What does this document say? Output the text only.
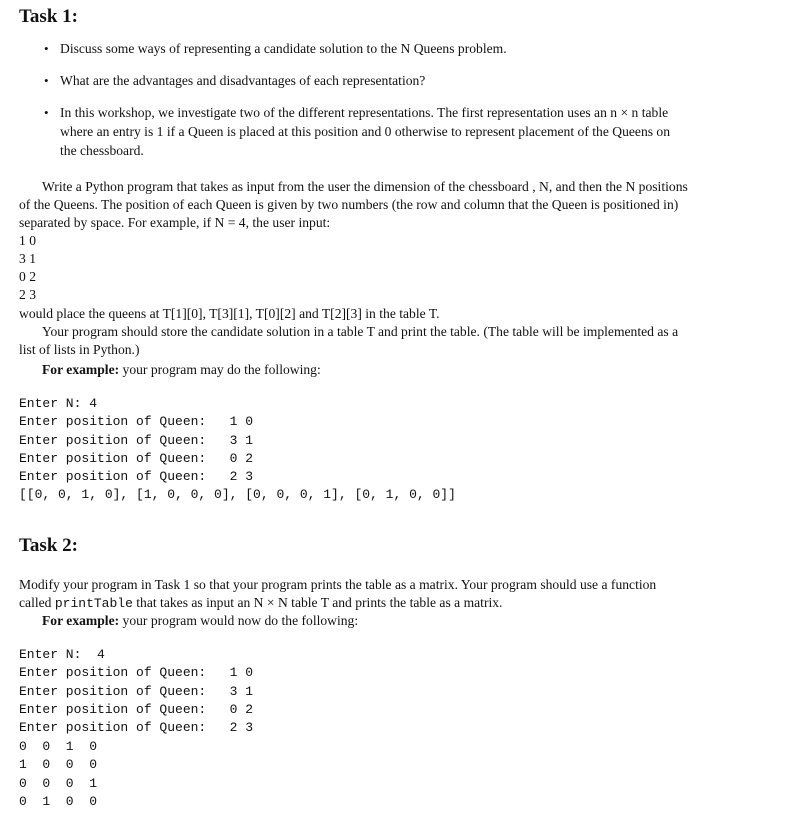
Task 1:
• Discuss some ways of representing a candidate solution to the N Queens problem.
• What are the advantages and disadvantages of each representation?
• In this workshop, we investigate two of the different representations. The first representation uses an n × n table
where an entry is 1 if a Queen is placed at this position and 0 otherwise to represent placement of the Queens on
the chessboard.
Write a Python program that takes as input from the user the dimension of the chessboard , N, and then the N positions
of the Queens. The position of each Queen is given by two numbers (the row and column that the Queen is positioned in)
separated by space. For example, if N = 4, the user input:
1 0
3 1
0 2
2 3
would place the queens at T[1][0], T[3][1], T[0][2] and T[2][3] in the table T.
Your program should store the candidate solution in a table T and print the table. (The table will be implemented as a
list of lists in Python.)
For example: your program may do the following:
Enter N: 4
Enter position of Queen:   1 0
Enter position of Queen:   3 1
Enter position of Queen:   0 2
Enter position of Queen:   2 3
[[0, 0, 1, 0], [1, 0, 0, 0], [0, 0, 0, 1], [0, 1, 0, 0]]
Task 2:
Modify your program in Task 1 so that your program prints the table as a matrix. Your program should use a function
called printTable that takes as input an N × N table T and prints the table as a matrix.
For example: your program would now do the following:
Enter N:  4
Enter position of Queen:   1 0
Enter position of Queen:   3 1
Enter position of Queen:   0 2
Enter position of Queen:   2 3
0  0  1  0
1  0  0  0
0  0  0  1
0  1  0  0
